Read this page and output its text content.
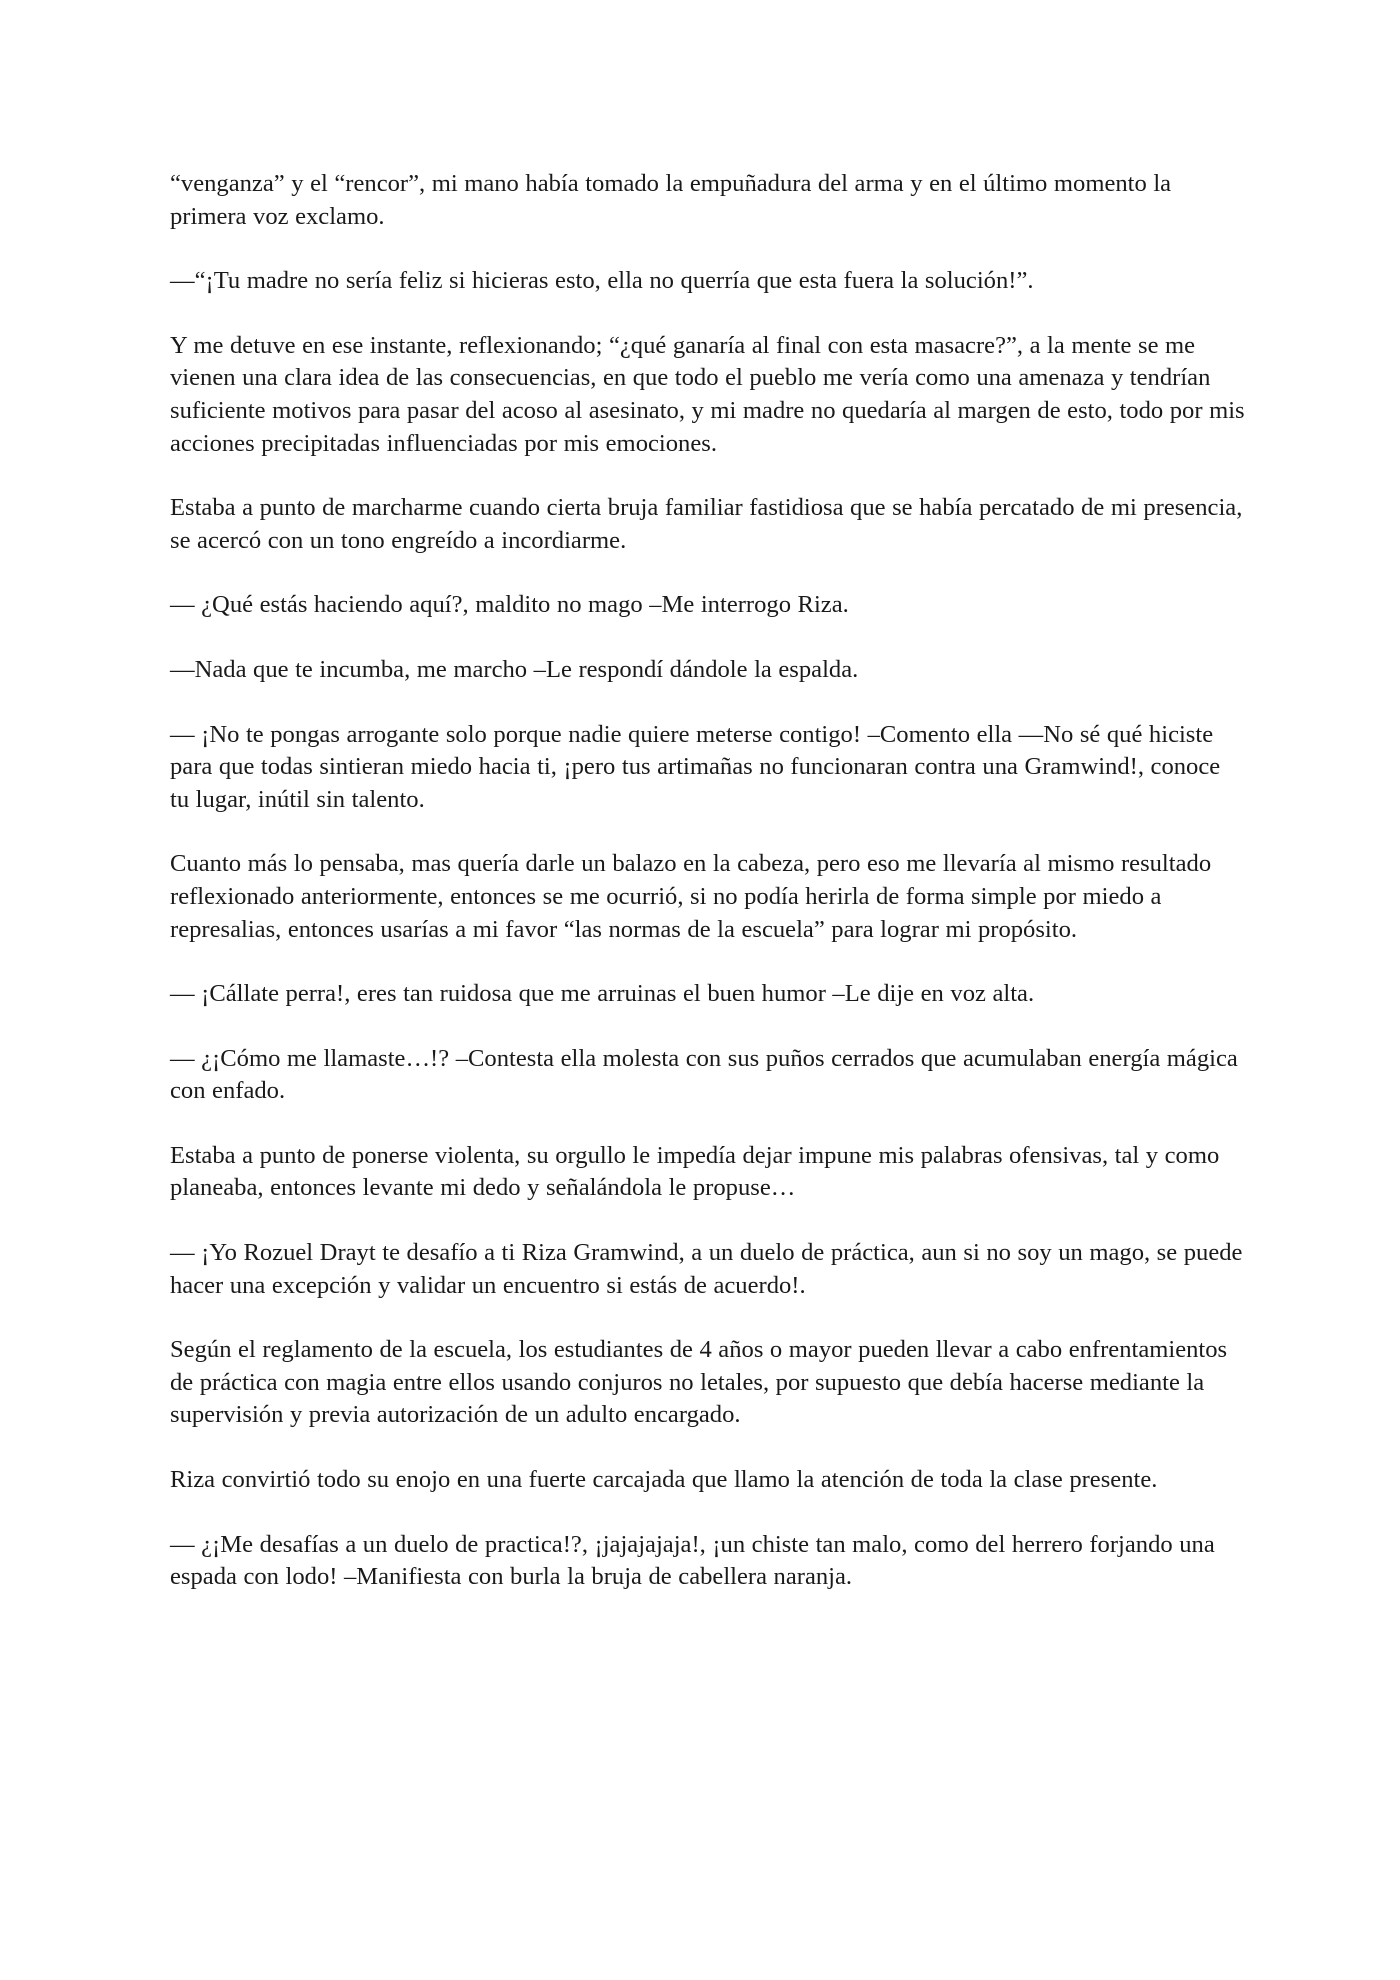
“venganza” y el “rencor”, mi mano había tomado la empuñadura del arma y en el último momento la primera voz exclamo.

—“¡Tu madre no sería feliz si hicieras esto, ella no querría que esta fuera la solución!”.

Y me detuve en ese instante, reflexionando; “¿qué ganaría al final con esta masacre?”, a la mente se me vienen una clara idea de las consecuencias, en que todo el pueblo me vería como una amenaza y tendrían suficiente motivos para pasar del acoso al asesinato, y mi madre no quedaría al margen de esto, todo por mis acciones precipitadas influenciadas por mis emociones.

Estaba a punto de marcharme cuando cierta bruja familiar fastidiosa que se había percatado de mi presencia, se acercó con un tono engreído a incordiarme.

— ¿Qué estás haciendo aquí?, maldito no mago –Me interrogo Riza.

—Nada que te incumba, me marcho –Le respondí dándole la espalda.

— ¡No te pongas arrogante solo porque nadie quiere meterse contigo! –Comento ella —No sé qué hiciste para que todas sintieran miedo hacia ti, ¡pero tus artimañas no funcionaran contra una Gramwind!, conoce tu lugar, inútil sin talento.

Cuanto más lo pensaba, mas quería darle un balazo en la cabeza, pero eso me llevaría al mismo resultado reflexionado anteriormente, entonces se me ocurrió, si no podía herirla de forma simple por miedo a represalias, entonces usarías a mi favor “las normas de la escuela” para lograr mi propósito.

— ¡Cállate perra!, eres tan ruidosa que me arruinas el buen humor –Le dije en voz alta.

— ¿¡Cómo me llamaste…!? –Contesta ella molesta con sus puños cerrados que acumulaban energía mágica con enfado.

Estaba a punto de ponerse violenta, su orgullo le impedía dejar impune mis palabras ofensivas, tal y como planeaba, entonces levante mi dedo y señalándola le propuse…

— ¡Yo Rozuel Drayt te desafío a ti Riza Gramwind, a un duelo de práctica, aun si no soy un mago, se puede hacer una excepción y validar un encuentro si estás de acuerdo!.

Según el reglamento de la escuela, los estudiantes de 4 años o mayor pueden llevar a cabo enfrentamientos de práctica con magia entre ellos usando conjuros no letales, por supuesto que debía hacerse mediante la supervisión y previa autorización de un adulto encargado.

Riza convirtió todo su enojo en una fuerte carcajada que llamo la atención de toda la clase presente.

— ¿¡Me desafías a un duelo de practica!?, ¡jajajajaja!, ¡un chiste tan malo, como del herrero forjando una espada con lodo! –Manifiesta con burla la bruja de cabellera naranja.
